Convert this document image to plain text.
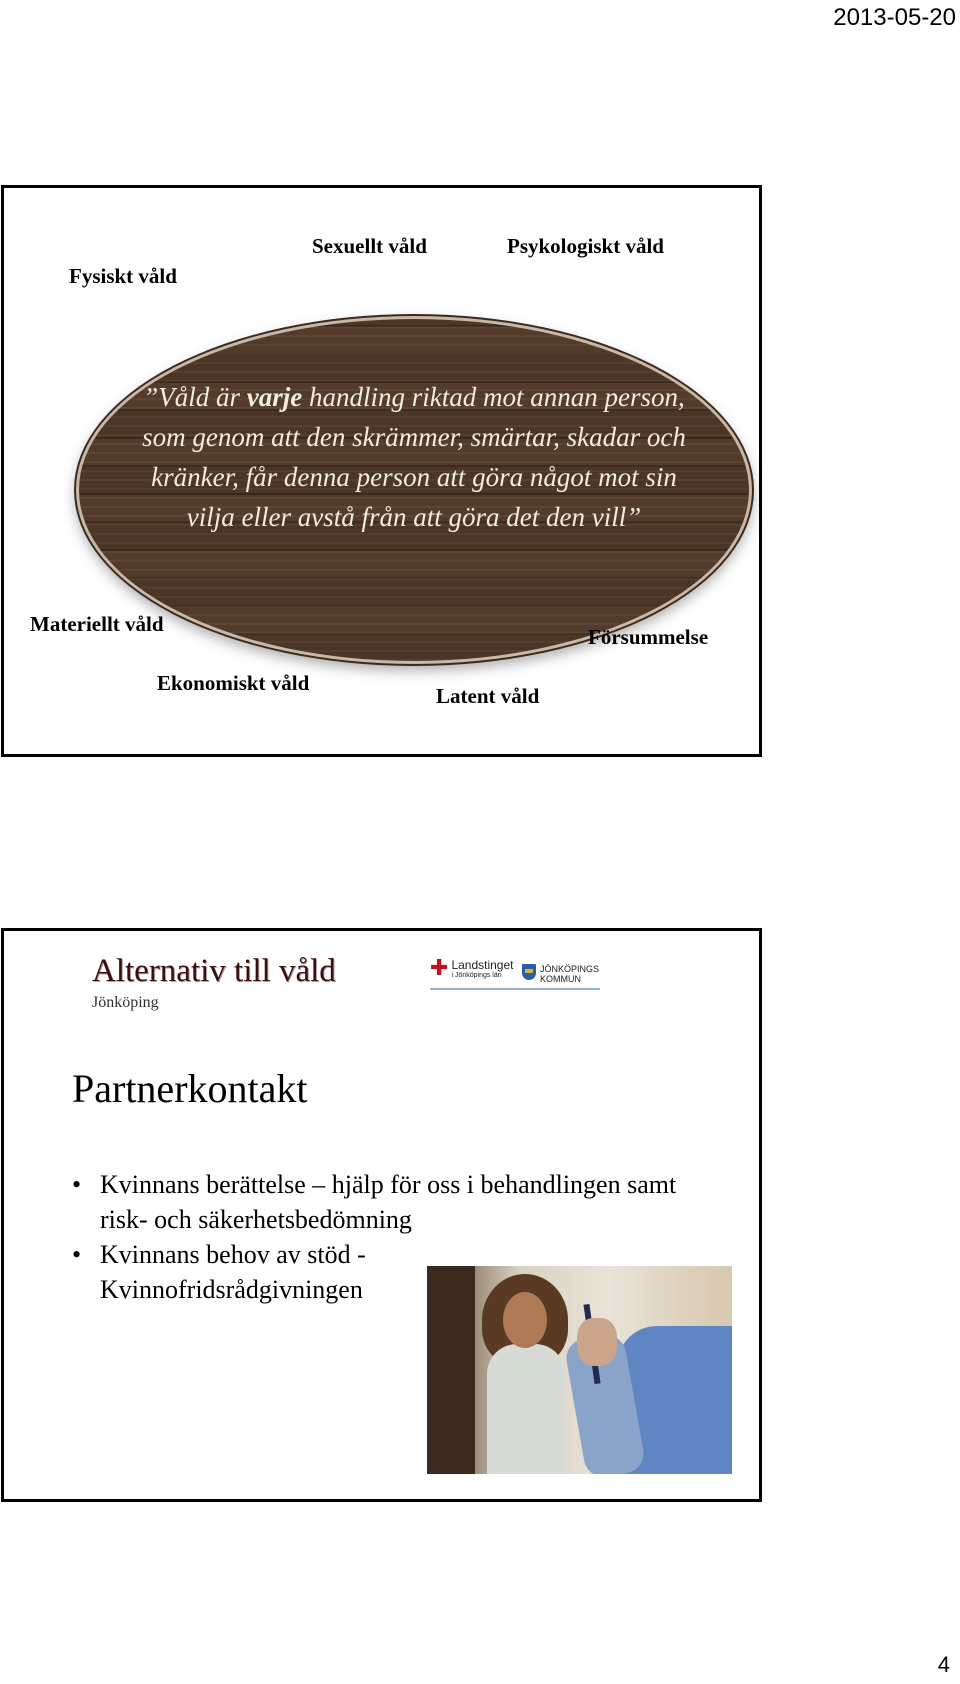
2013-05-20
Fysiskt våld
Sexuellt våld	Psykologiskt våld
”Våld är varje handling riktad mot annan person, som genom att den skrämmer, smärtar, skadar och kränker, får denna person att göra något mot sin vilja eller avstå från att göra det den vill”
Materiellt våld
Försummelse
Ekonomiskt våld
Latent våld
Alternativ till våld
Jönköping
✚ Landstinget
i Jönköpings län
JÖNKÖPINGS
KOMMUN
Partnerkontakt
• Kvinnans berättelse – hjälp för oss i behandlingen samt risk- och säkerhetsbedömning
• Kvinnans behov av stöd - Kvinnofridsrådgivningen
4
